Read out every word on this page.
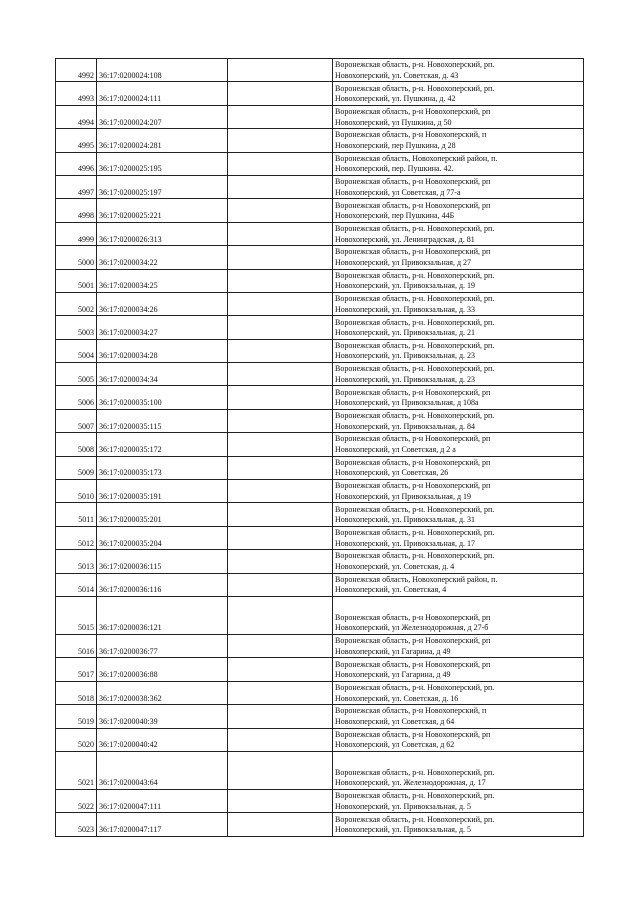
4992	36:17:0200024:108		Воронежская область, р-н. Новохоперский, рп.
Новохоперский, ул. Советская, д. 43

4993	36:17:0200024:111		Воронежская область, р-н. Новохоперский, рп.
Новохоперский, ул. Пушкина, д. 42

4994	36:17:0200024:207		Воронежская область, р-н Новохоперский, рп
Новохоперский, ул Пушкина, д 50

4995	36:17:0200024:281		Воронежская область, р-н Новохоперский, п
Новохоперский, пер Пушкина, д 28

4996	36:17:0200025:195		Воронежская область, Новохоперский район, п.
Новохоперский, пер. Пушкина. 42.

4997	36:17:0200025:197		Воронежская область, р-н Новохоперский, рп
Новохоперский, ул Советская, д 77-а

4998	36:17:0200025:221		Воронежская область, р-н Новохоперский, рп
Новохоперский, пер Пушкина, 44Б

4999	36:17:0200026:313		Воронежская область, р-н. Новохоперский, рп.
Новохоперский, ул. Ленинградская, д. 81

5000	36:17:0200034:22		Воронежская область, р-н Новохоперский, рп
Новохоперский, ул Привокзальная, д 27

5001	36:17:0200034:25		Воронежская область, р-н. Новохоперский, рп.
Новохоперский, ул. Привокзальная, д. 19

5002	36:17:0200034:26		Воронежская область, р-н. Новохоперский, рп.
Новохоперский, ул. Привокзальная, д. 33

5003	36:17:0200034:27		Воронежская область, р-н. Новохоперский, рп.
Новохоперский, ул. Привокзальная, д. 21

5004	36:17:0200034:28		Воронежская область, р-н. Новохоперский, рп.
Новохоперский, ул. Привокзальная, д. 23

5005	36:17:0200034:34		Воронежская область, р-н. Новохоперский, рп.
Новохоперский, ул. Привокзальная, д. 23

5006	36:17:0200035:100		Воронежская область, р-н Новохоперский, рп
Новохоперский, ул Привокзальная, д 108а

5007	36:17:0200035:115		Воронежская область, р-н. Новохоперский, рп.
Новохоперский, ул. Привокзальная, д. 84

5008	36:17:0200035:172		Воронежская область, р-н Новохоперский, рп
Новохоперский, ул Советская, д 2 а

5009	36:17:0200035:173		Воронежская область, р-н Новохоперский, рп
Новохоперский, ул Советская, 26

5010	36:17:0200035:191		Воронежская область, р-н Новохоперский, рп
Новохоперский, ул Привокзальная, д 19

5011	36:17:0200035:201		Воронежская область, р-н. Новохоперский, рп.
Новохоперский, ул. Привокзальная, д. 31

5012	36:17:0200035:204		Воронежская область, р-н. Новохоперский, рп.
Новохоперский, ул. Привокзальная, д. 17

5013	36:17:0200036:115		Воронежская область, р-н. Новохоперский, рп.
Новохоперский, ул. Советская, д. 4

5014	36:17:0200036:116		Воронежская область, Новохоперский район, п.
Новохоперский, ул. Советская, 4

5015	36:17:0200036:121		Воронежская область, р-н Новохоперский, рп
Новохоперский, ул Железнодорожная, д 27-б

5016	36:17:0200036:77		Воронежская область, р-н Новохоперский, рп
Новохоперский, ул Гагарина, д 49

5017	36:17:0200036:88		Воронежская область, р-н Новохоперский, рп
Новохоперский, ул Гагарина, д 49

5018	36:17:0200038:362		Воронежская область, р-н. Новохоперский, рп.
Новохоперский, ул. Советская, д. 16

5019	36:17:0200040:39		Воронежская область, р-н Новохоперский, п
Новохоперский, ул Советская, д 64

5020	36:17:0200040:42		Воронежская область, р-н Новохоперский, рп
Новохоперский, ул Советская, д 62

5021	36:17:0200043:64		Воронежская область, р-н. Новохоперский, рп.
Новохоперский, ул. Железнодорожная, д. 17

5022	36:17:0200047:111		Воронежская область, р-н. Новохоперский, рп.
Новохоперский, ул. Привокзальная, д. 5

5023	36:17:0200047:117		Воронежская область, р-н. Новохоперский, рп.
Новохоперский, ул. Привокзальная, д. 5
